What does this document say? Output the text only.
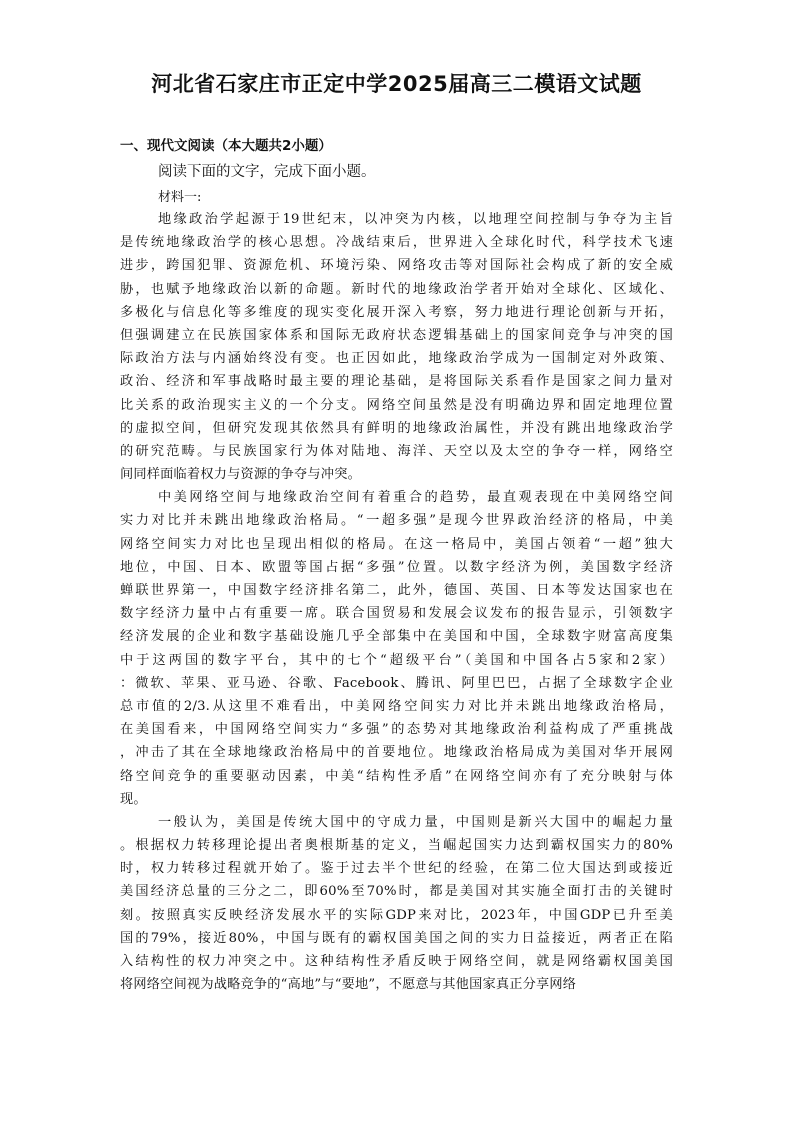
河北省石家庄市正定中学2025届高三二模语文试题
一、现代文阅读（本大题共2小题）
阅读下面的文字，完成下面小题。
材料一:
地缘政治学起源于19世纪末，以冲突为内核，以地理空间控制与争夺为主旨
是传统地缘政治学的核心思想。冷战结束后，世界进入全球化时代，科学技术飞速
进步，跨国犯罪、资源危机、环境污染、网络攻击等对国际社会构成了新的安全威
胁，也赋予地缘政治以新的命题。新时代的地缘政治学者开始对全球化、区域化、
多极化与信息化等多维度的现实变化展开深入考察，努力地进行理论创新与开拓，
但强调建立在民族国家体系和国际无政府状态逻辑基础上的国家间竞争与冲突的国
际政治方法与内涵始终没有变。也正因如此，地缘政治学成为一国制定对外政策、
政治、经济和军事战略时最主要的理论基础，是将国际关系看作是国家之间力量对
比关系的政治现实主义的一个分支。网络空间虽然是没有明确边界和固定地理位置
的虚拟空间，但研究发现其依然具有鲜明的地缘政治属性，并没有跳出地缘政治学
的研究范畴。与民族国家行为体对陆地、海洋、天空以及太空的争夺一样，网络空
间同样面临着权力与资源的争夺与冲突。
中美网络空间与地缘政治空间有着重合的趋势，最直观表现在中美网络空间
实力对比并未跳出地缘政治格局。“一超多强”是现今世界政治经济的格局，中美
网络空间实力对比也呈现出相似的格局。在这一格局中，美国占领着“一超”独大
地位，中国、日本、欧盟等国占据“多强”位置。以数字经济为例，美国数字经济
蝉联世界第一，中国数字经济排名第二，此外，德国、英国、日本等发达国家也在
数字经济力量中占有重要一席。联合国贸易和发展会议发布的报告显示，引领数字
经济发展的企业和数字基础设施几乎全部集中在美国和中国，全球数字财富高度集
中于这两国的数字平台，其中的七个“超级平台”（美国和中国各占5家和2家）
：微软、苹果、亚马逊、谷歌、Facebook、腾讯、阿里巴巴，占据了全球数字企业
总市值的2/3.从这里不难看出，中美网络空间实力对比并未跳出地缘政治格局，
在美国看来，中国网络空间实力“多强”的态势对其地缘政治利益构成了严重挑战
，冲击了其在全球地缘政治格局中的首要地位。地缘政治格局成为美国对华开展网
络空间竞争的重要驱动因素，中美“结构性矛盾”在网络空间亦有了充分映射与体
现。
一般认为，美国是传统大国中的守成力量，中国则是新兴大国中的崛起力量
。根据权力转移理论提出者奥根斯基的定义，当崛起国实力达到霸权国实力的80%
时，权力转移过程就开始了。鉴于过去半个世纪的经验，在第二位大国达到或接近
美国经济总量的三分之二，即60%至70%时，都是美国对其实施全面打击的关键时
刻。按照真实反映经济发展水平的实际GDP来对比，2023年，中国GDP已升至美
国的79%，接近80%，中国与既有的霸权国美国之间的实力日益接近，两者正在陷
入结构性的权力冲突之中。这种结构性矛盾反映于网络空间，就是网络霸权国美国
将网络空间视为战略竞争的“高地”与“要地”，不愿意与其他国家真正分享网络
